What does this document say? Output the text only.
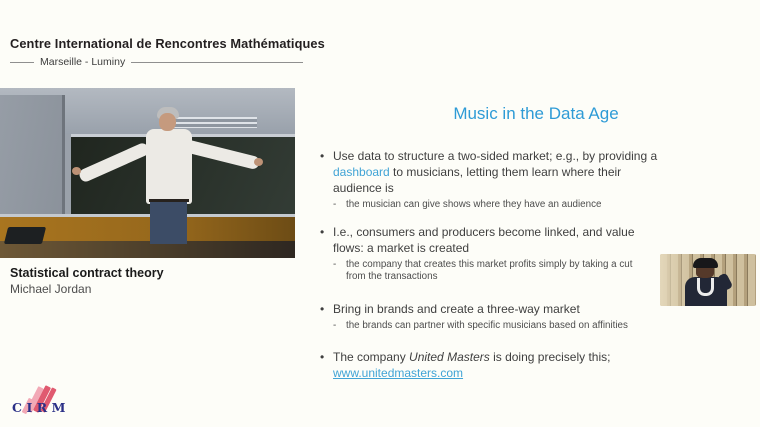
Centre International de Rencontres Mathématiques
Marseille - Luminy
Statistical contract theory
Michael Jordan
Music in the Data Age
• Use data to structure a two-sided market; e.g., by providing a dashboard to musicians, letting them learn where their audience is
- the musician can give shows where they have an audience
• I.e., consumers and producers become linked, and value flows: a market is created
- the company that creates this market profits simply by taking a cut from the transactions
• Bring in brands and create a three-way market
- the brands can partner with specific musicians based on affinities
• The company United Masters is doing precisely this;
www.unitedmasters.com
CIRM
